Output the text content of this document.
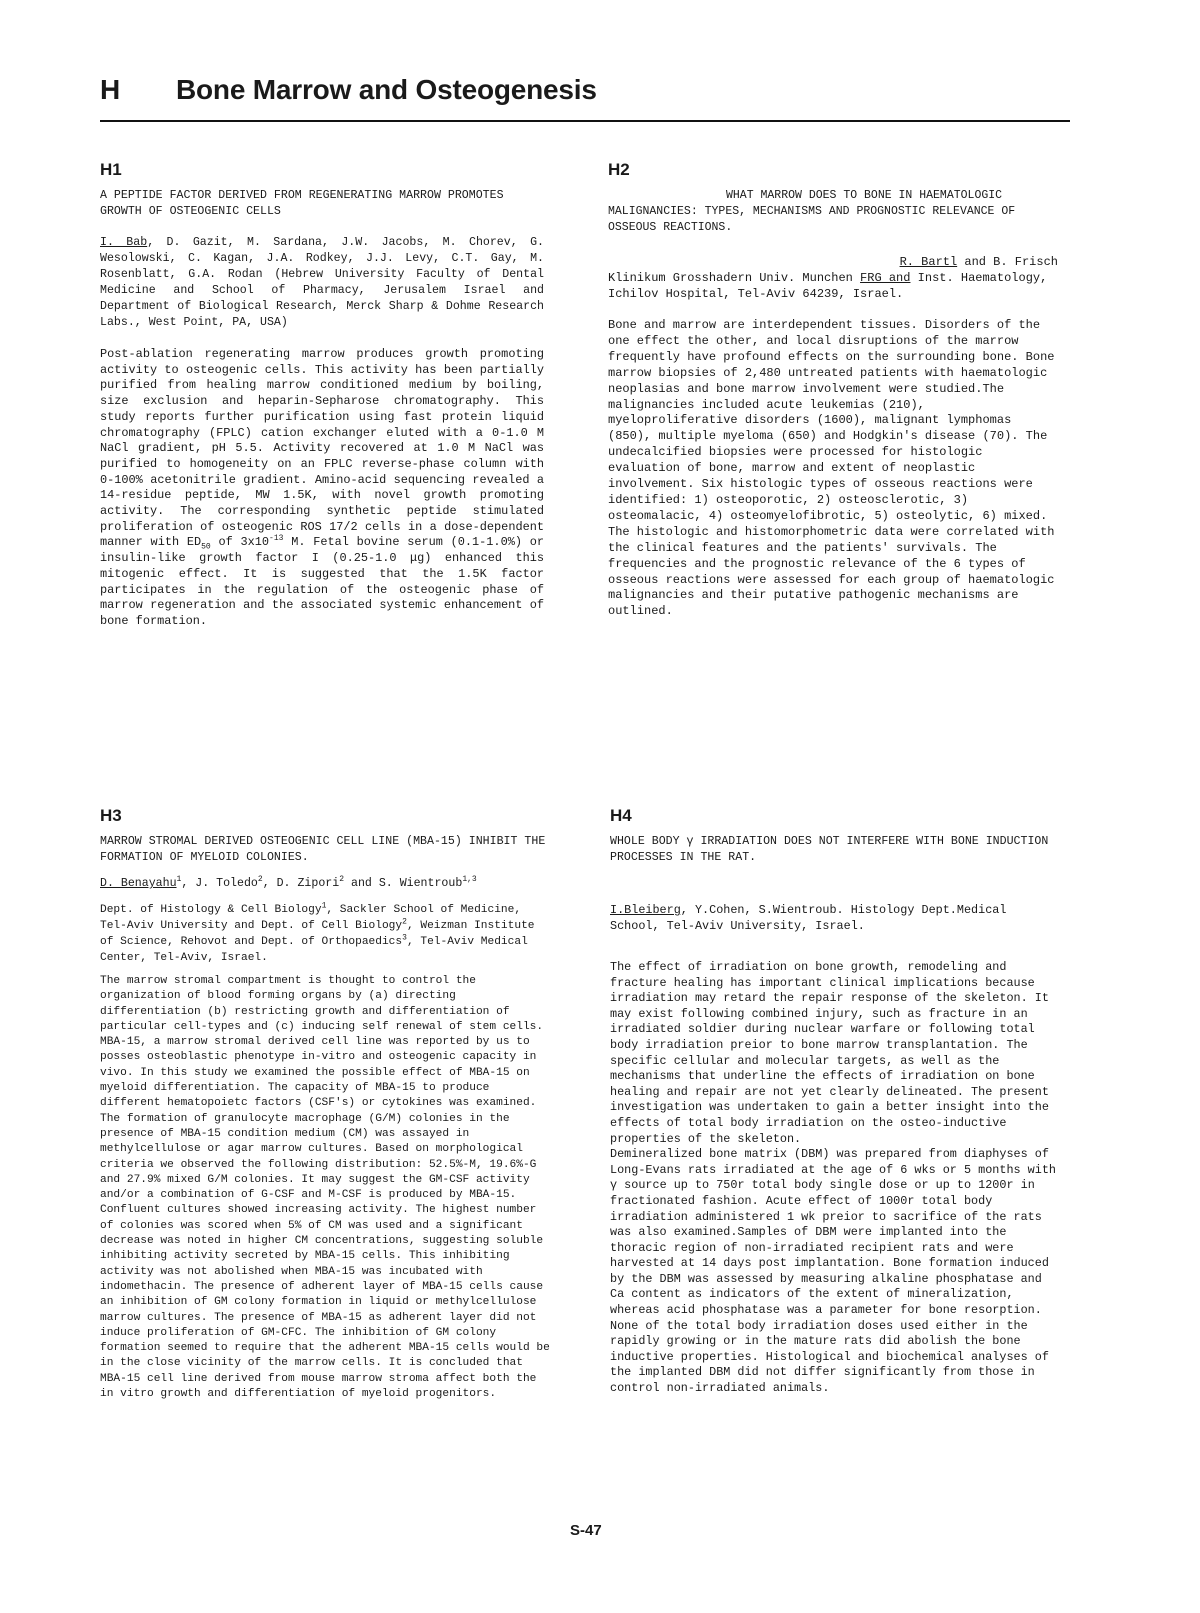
H Bone Marrow and Osteogenesis
H1

A PEPTIDE FACTOR DERIVED FROM REGENERATING MARROW PROMOTES GROWTH OF OSTEOGENIC CELLS

I. Bab, D. Gazit, M. Sardana, J.W. Jacobs, M. Chorev, G. Wesolowski, C. Kagan, J.A. Rodkey, J.J. Levy, C.T. Gay, M. Rosenblatt, G.A. Rodan (Hebrew University Faculty of Dental Medicine and School of Pharmacy, Jerusalem Israel and Department of Biological Research, Merck Sharp & Dohme Research Labs., West Point, PA, USA)

Post-ablation regenerating marrow produces growth promoting activity to osteogenic cells. This activity has been partially purified from healing marrow conditioned medium by boiling, size exclusion and heparin-Sepharose chromatography. This study reports further purification using fast protein liquid chromatography (FPLC) cation exchanger eluted with a 0-1.0 M NaCl gradient, pH 5.5. Activity recovered at 1.0 M NaCl was purified to homogeneity on an FPLC reverse-phase column with 0-100% acetonitrile gradient. Amino-acid sequencing revealed a 14-residue peptide, MW 1.5K, with novel growth promoting activity. The corresponding synthetic peptide stimulated proliferation of osteogenic ROS 17/2 cells in a dose-dependent manner with $ED_{50}$ of $3x10^{-13}$ M. Fetal bovine serum (0.1-1.0%) or insulin-like growth factor I (0.25-1.0 μg) enhanced this mitogenic effect. It is suggested that the 1.5K factor participates in the regulation of the osteogenic phase of marrow regeneration and the associated systemic enhancement of bone formation.

H2

WHAT MARROW DOES TO BONE IN HAEMATOLOGIC
MALIGNANCIES: TYPES, MECHANISMS AND PROGNOSTIC RELEVANCE OF OSSEOUS REACTIONS.

R. Bartl and B. Frisch

Klinikum Grosshadern Univ. Munchen FRG and Inst. Haematology, Ichilov Hospital, Tel-Aviv 64239, Israel.

Bone and marrow are interdependent tissues. Disorders of the one effect the other, and local disruptions of the marrow frequently have profound effects on the surrounding bone. Bone marrow biopsies of 2,480 untreated patients with haematologic neoplasias and bone marrow involvement were studied.The malignancies included acute leukemias (210), myeloproliferative disorders (1600), malignant lymphomas (850), multiple myeloma (650) and Hodgkin's disease (70). The undecalcified biopsies were processed for histologic evaluation of bone, marrow and extent of neoplastic involvement. Six histologic types of osseous reactions were identified: 1) osteoporotic, 2) osteosclerotic, 3) osteomalacic, 4) osteomyelofibrotic, 5) osteolytic, 6) mixed. The histologic and histomorphometric data were correlated with the clinical features and the patients' survivals. The frequencies and the prognostic relevance of the 6 types of osseous reactions were assessed for each group of haematologic malignancies and their putative pathogenic mechanisms are outlined.

H3

MARROW STROMAL DERIVED OSTEOGENIC CELL LINE (MBA-15) INHIBIT THE FORMATION OF MYELOID COLONIES.

D. Benayahu$^1$, J. Toledo$^2$, D. Zipori$^2$ and S. Wientroub$^{1,3}$

Dept. of Histology & Cell Biology$^1$, Sackler School of Medicine, Tel-Aviv University and Dept. of Cell Biology$^2$, Weizman Institute of Science, Rehovot and Dept. of Orthopaedics$^3$, Tel-Aviv Medical Center, Tel-Aviv, Israel.

The marrow stromal compartment is thought to control the organization of blood forming organs by (a) directing differentiation (b) restricting growth and differentiation of particular cell-types and (c) inducing self renewal of stem cells. MBA-15, a marrow stromal derived cell line was reported by us to posses osteoblastic phenotype in-vitro and osteogenic capacity in vivo. In this study we examined the possible effect of MBA-15 on myeloid differentiation. The capacity of MBA-15 to produce different hematopoietc factors (CSF's) or cytokines was examined. The formation of granulocyte macrophage (G/M) colonies in the presence of MBA-15 condition medium (CM) was assayed in methylcellulose or agar marrow cultures. Based on morphological criteria we observed the following distribution: 52.5%-M, 19.6%-G and 27.9% mixed G/M colonies. It may suggest the GM-CSF activity and/or a combination of G-CSF and M-CSF is produced by MBA-15. Confluent cultures showed increasing activity. The highest number of colonies was scored when 5% of CM was used and a significant decrease was noted in higher CM concentrations, suggesting soluble inhibiting activity secreted by MBA-15 cells. This inhibiting activity was not abolished when MBA-15 was incubated with indomethacin. The presence of adherent layer of MBA-15 cells cause an inhibition of GM colony formation in liquid or methylcellulose marrow cultures. The presence of MBA-15 as adherent layer did not induce proliferation of GM-CFC. The inhibition of GM colony formation seemed to require that the adherent MBA-15 cells would be in the close vicinity of the marrow cells. It is concluded that MBA-15 cell line derived from mouse marrow stroma affect both the in vitro growth and differentiation of myeloid progenitors.

H4

WHOLE BODY γ IRRADIATION DOES NOT INTERFERE WITH BONE INDUCTION PROCESSES IN THE RAT.

I.Bleiberg, Y.Cohen, S.Wientroub. Histology Dept.Medical School, Tel-Aviv University, Israel.

The effect of irradiation on bone growth, remodeling and fracture healing has important clinical implications because irradiation may retard the repair response of the skeleton. It may exist following combined injury, such as fracture in an irradiated soldier during nuclear warfare or following total body irradiation preior to bone marrow transplantation. The specific cellular and molecular targets, as well as the mechanisms that underline the effects of irradiation on bone healing and repair are not yet clearly delineated. The present investigation was undertaken to gain a better insight into the effects of total body irradiation on the osteo-inductive properties of the skeleton.
Demineralized bone matrix (DBM) was prepared from diaphyses of Long-Evans rats irradiated at the age of 6 wks or 5 months with γ source up to 750r total body single dose or up to 1200r in fractionated fashion. Acute effect of 1000r total body irradiation administered 1 wk preior to sacrifice of the rats was also examined.Samples of DBM were implanted into the thoracic region of non-irradiated recipient rats and were harvested at 14 days post implantation. Bone formation induced by the DBM was assessed by measuring alkaline phosphatase and Ca content as indicators of the extent of mineralization, whereas acid phosphatase was a parameter for bone resorption. None of the total body irradiation doses used either in the rapidly growing or in the mature rats did abolish the bone inductive properties. Histological and biochemical analyses of the implanted DBM did not differ significantly from those in control non-irradiated animals.

S-47
